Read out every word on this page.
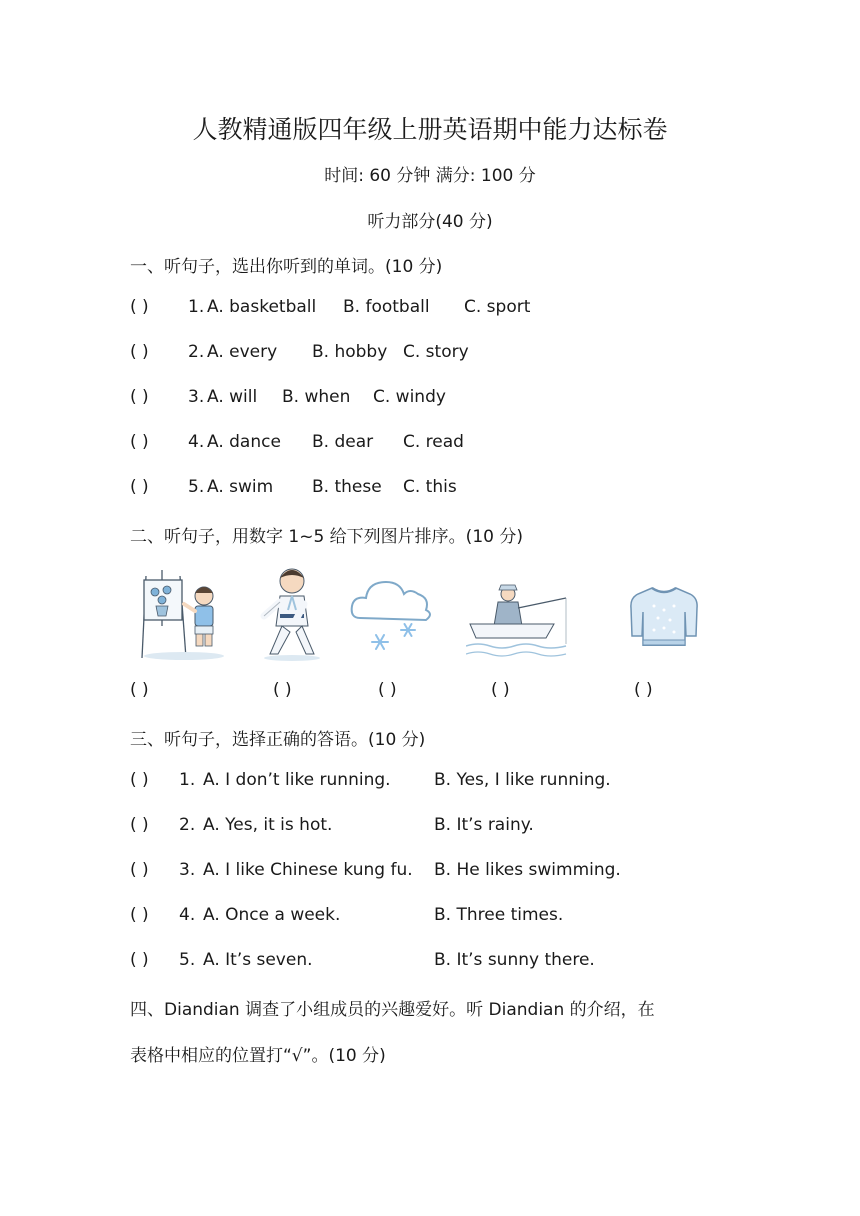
人教精通版四年级上册英语期中能力达标卷
时间: 60 分钟 满分: 100 分
听力部分(40 分)
一、听句子，选出你听到的单词。(10 分)
( ) 1. A. basketball B. football C. sport
( ) 2. A. every B. hobby C. story
( ) 3. A. will B. when C. windy
( ) 4. A. dance B. dear C. read
( ) 5. A. swim B. these C. this
二、听句子，用数字 1~5 给下列图片排序。(10 分)
( )	( )	( )	( )	( )
三、听句子，选择正确的答语。(10 分)
( ) 1. A. I don’t like running.	B. Yes, I like running.
( ) 2. A. Yes, it is hot.	B. It’s rainy.
( ) 3. A. I like Chinese kung fu. B. He likes swimming.
( ) 4. A. Once a week.	B. Three times.
( ) 5. A. It’s seven.	B. It’s sunny there.
四、Diandian 调查了小组成员的兴趣爱好。听 Diandian 的介绍，在
表格中相应的位置打“√”。(10 分)
